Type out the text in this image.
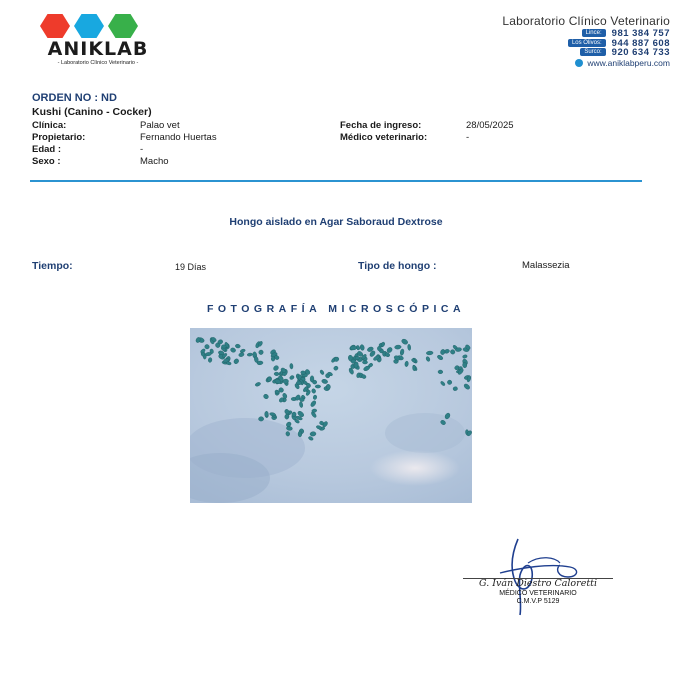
ANIKLAB
- Laboratorio Clínico Veterinario -
Laboratorio Clínico Veterinario
Lince:	981 384 757
Los Olivos:	944 887 608
Surco:	920 634 733
www.aniklabperu.com
ORDEN NO : ND
Kushi (Canino - Cocker)
Clínica:	Palao vet
Propietario:	Fernando Huertas
Edad :	-
Sexo :	Macho
Fecha de ingreso:	28/05/2025
Médico veterinario:	-
Hongo aislado en Agar Saboraud Dextrose
Tiempo:	19 Días	Tipo de hongo :	Malassezia
FOTOGRAFÍA MICROSCÓPICA
G. Iván Diestro Caloretti
MÉDICO VETERINARIO
C.M.V.P 5129
